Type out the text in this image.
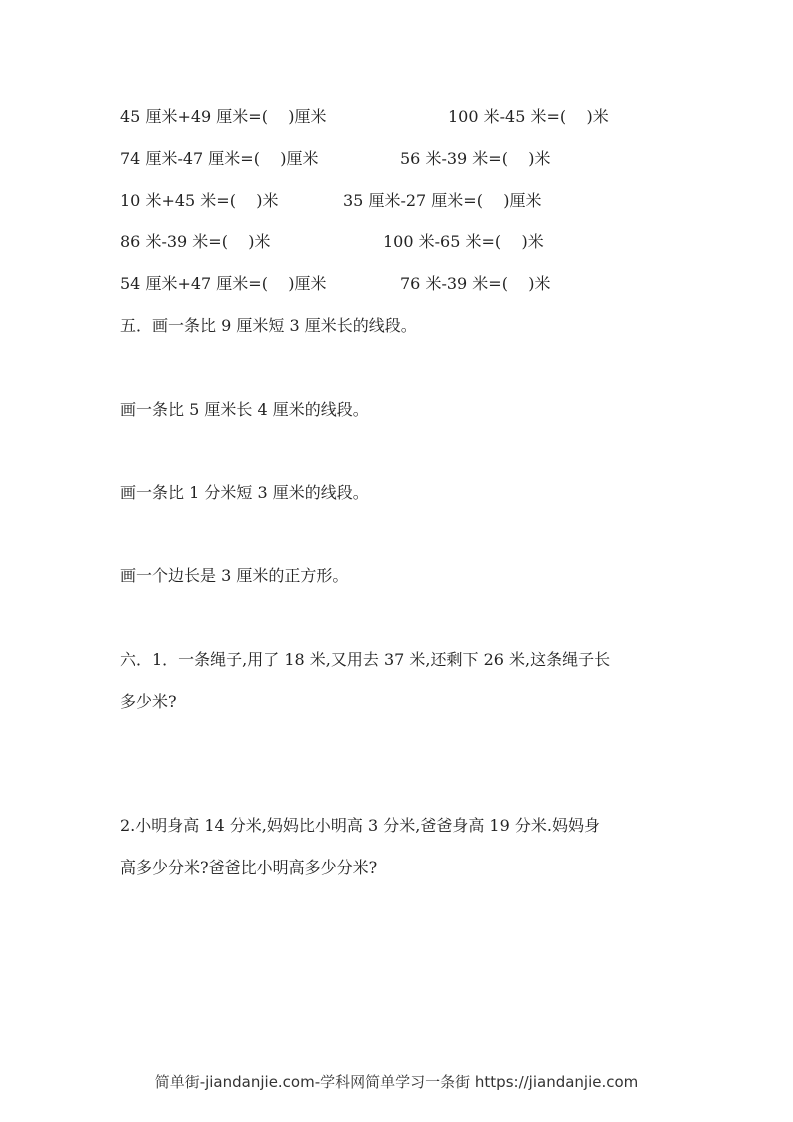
45 厘米+49 厘米=(    )厘米	100 米-45 米=(    )米
74 厘米-47 厘米=(    )厘米	56 米-39 米=(    )米
10 米+45 米=(    )米	35 厘米-27 厘米=(    )厘米
86 米-39 米=(    )米	100 米-65 米=(    )米
54 厘米+47 厘米=(    )厘米	76 米-39 米=(    )米
五．画一条比 9 厘米短 3 厘米长的线段。
画一条比 5 厘米长 4 厘米的线段。
画一条比 1 分米短 3 厘米的线段。
画一个边长是 3 厘米的正方形。
六．1．一条绳子,用了 18 米,又用去 37 米,还剩下 26 米,这条绳子长
多少米?
2.小明身高 14 分米,妈妈比小明高 3 分米,爸爸身高 19 分米.妈妈身
高多少分米?爸爸比小明高多少分米?
简单街-jiandanjie.com-学科网简单学习一条街 https://jiandanjie.com
